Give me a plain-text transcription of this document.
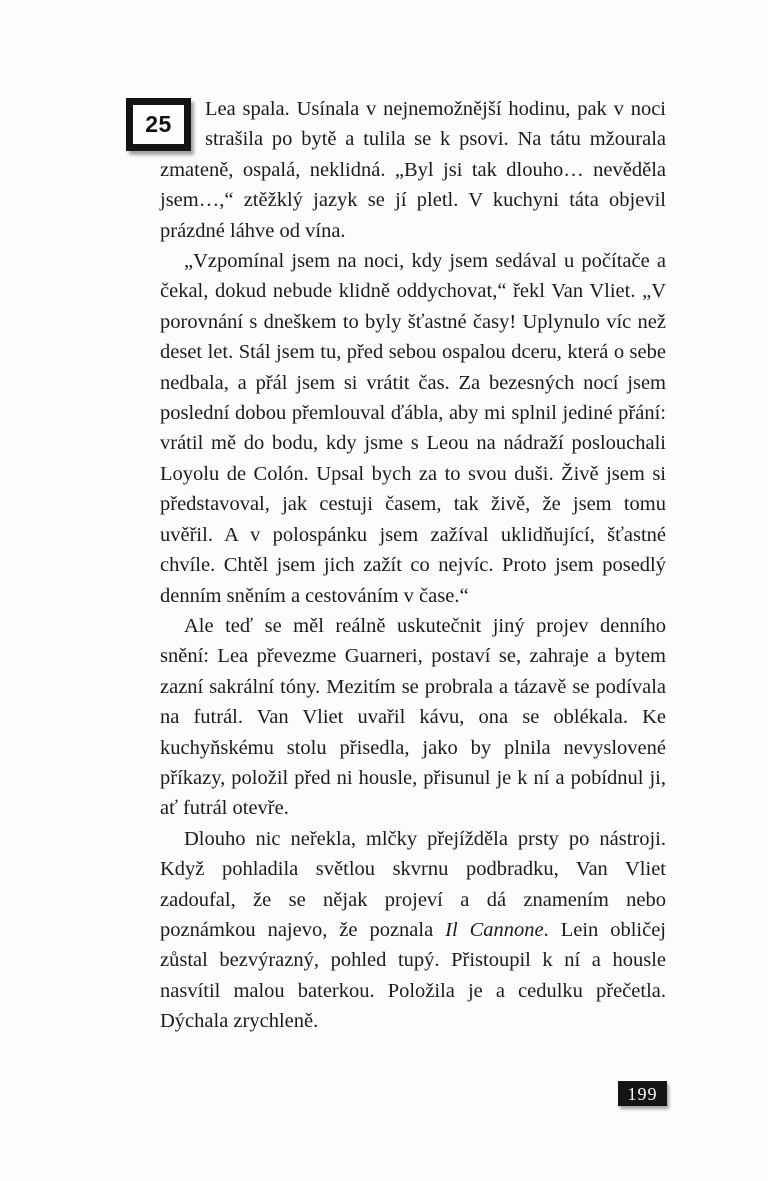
25

Lea spala. Usínala v nejnemožnější hodinu, pak v noci strašila po bytě a tulila se k psovi. Na tátu mžourala zmateně, ospalá, neklidná. „Byl jsi tak dlouho… nevěděla jsem…,“ ztěžklý jazyk se jí pletl. V kuchyni táta objevil prázdné láhve od vína.

„Vzpomínal jsem na noci, kdy jsem sedával u počítače a čekal, dokud nebude klidně oddychovat,“ řekl Van Vliet. „V porovnání s dneškem to byly šťastné časy! Uplynulo víc než deset let. Stál jsem tu, před sebou ospalou dceru, která o sebe nedbala, a přál jsem si vrátit čas. Za bezesných nocí jsem poslední dobou přemlouval ďábla, aby mi splnil jediné přání: vrátil mě do bodu, kdy jsme s Leou na nádraží poslouchali Loyolu de Colón. Upsal bych za to svou duši. Živě jsem si představoval, jak cestuji časem, tak živě, že jsem tomu uvěřil. A v polospánku jsem zažíval uklidňující, šťastné chvíle. Chtěl jsem jich zažít co nejvíc. Proto jsem posedlý denním sněním a cestováním v čase.“

Ale teď se měl reálně uskutečnit jiný projev denního snění: Lea převezme Guarneri, postaví se, zahraje a bytem zazní sakrální tóny. Mezitím se probrala a tázavě se podívala na futrál. Van Vliet uvařil kávu, ona se oblékala. Ke kuchyňskému stolu přisedla, jako by plnila nevyslovené příkazy, položil před ni housle, přisunul je k ní a pobídnul ji, ať futrál otevře.

Dlouho nic neřekla, mlčky přejížděla prsty po nástroji. Když pohladila světlou skvrnu podbradku, Van Vliet zadoufal, že se nějak projeví a dá znamením nebo poznámkou najevo, že poznala Il Cannone. Lein obličej zůstal bezvýrazný, pohled tupý. Přistoupil k ní a housle nasvítil malou baterkou. Položila je a cedulku přečetla. Dýchala zrychleně.

199
